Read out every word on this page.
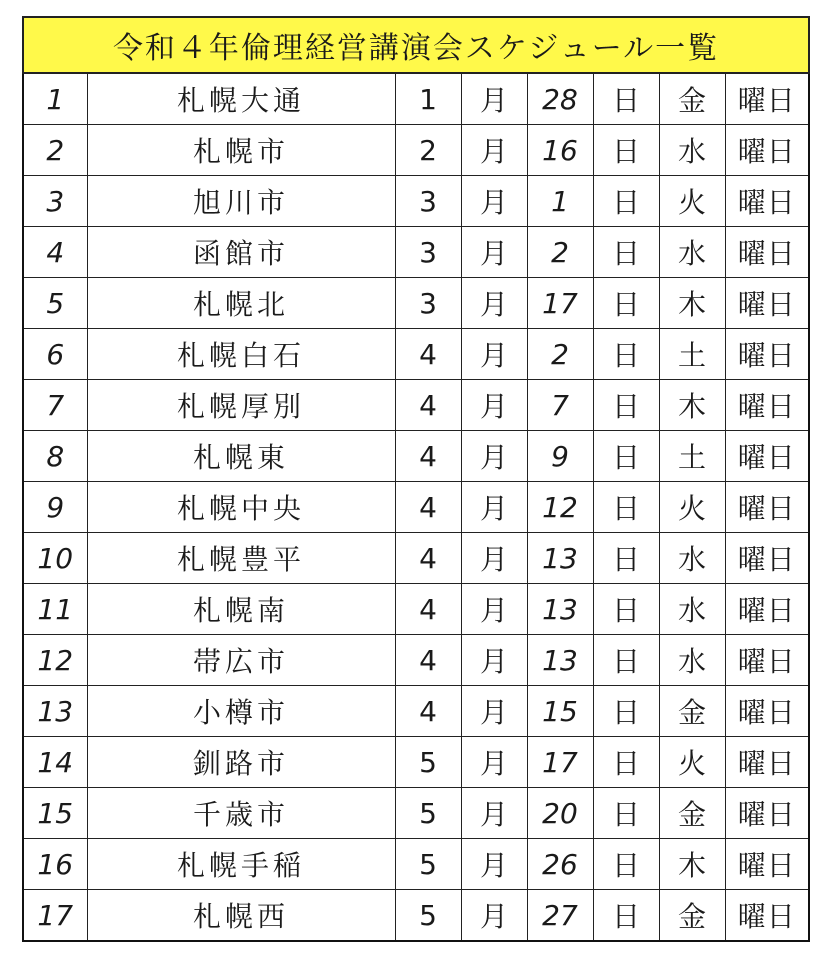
令和４年倫理経営講演会スケジュール一覧							
1	札幌大通	1	月	28	日	金	曜日
2	札幌市	2	月	16	日	水	曜日
3	旭川市	3	月	1	日	火	曜日
4	函館市	3	月	2	日	水	曜日
5	札幌北	3	月	17	日	木	曜日
6	札幌白石	4	月	2	日	土	曜日
7	札幌厚別	4	月	7	日	木	曜日
8	札幌東	4	月	9	日	土	曜日
9	札幌中央	4	月	12	日	火	曜日
10	札幌豊平	4	月	13	日	水	曜日
11	札幌南	4	月	13	日	水	曜日
12	帯広市	4	月	13	日	水	曜日
13	小樽市	4	月	15	日	金	曜日
14	釧路市	5	月	17	日	火	曜日
15	千歳市	5	月	20	日	金	曜日
16	札幌手稲	5	月	26	日	木	曜日
17	札幌西	5	月	27	日	金	曜日
